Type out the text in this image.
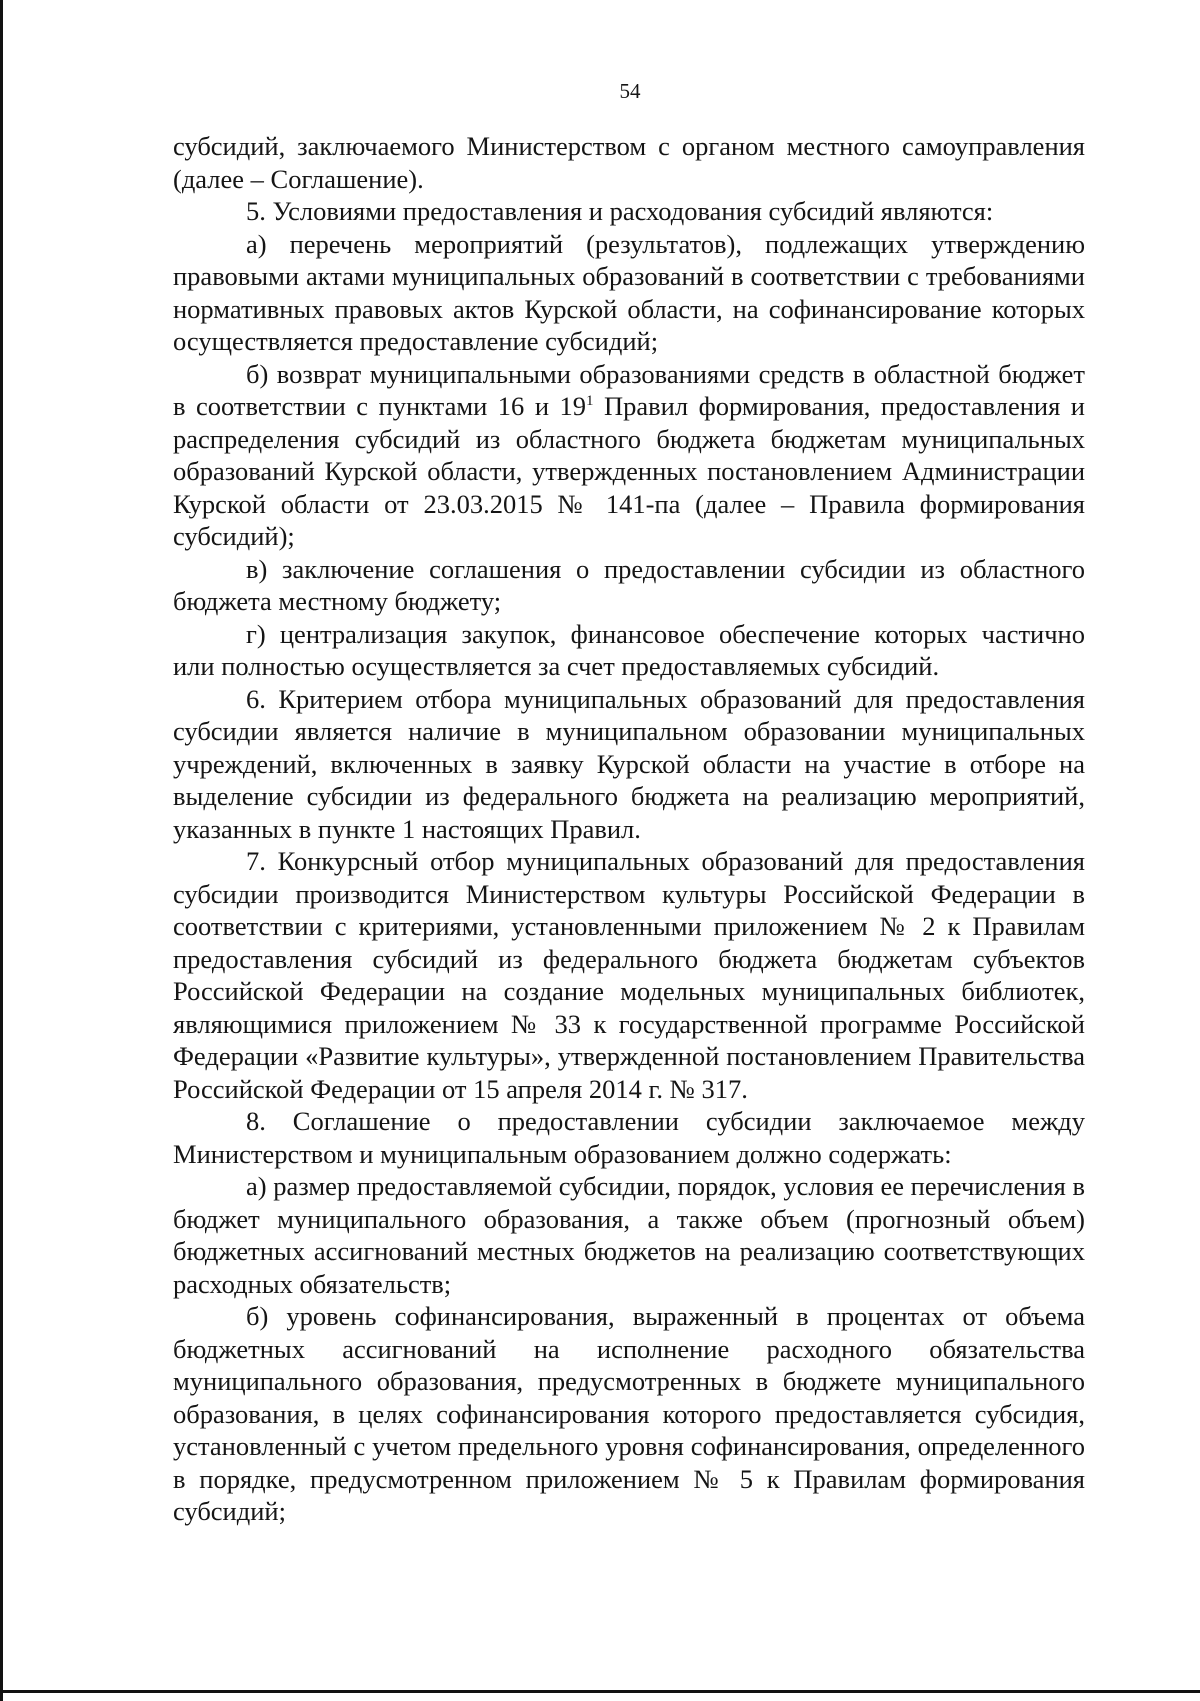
54

субсидий, заключаемого Министерством с органом местного самоуправления (далее – Соглашение).

5. Условиями предоставления и расходования субсидий являются:

а) перечень мероприятий (результатов), подлежащих утверждению правовыми актами муниципальных образований в соответствии с требованиями нормативных правовых актов Курской области, на софинансирование которых осуществляется предоставление субсидий;

б) возврат муниципальными образованиями средств в областной бюджет в соответствии с пунктами 16 и $19^1$ Правил формирования, предоставления и распределения субсидий из областного бюджета бюджетам муниципальных образований Курской области, утвержденных постановлением Администрации Курской области от 23.03.2015 № 141-па (далее – Правила формирования субсидий);

в) заключение соглашения о предоставлении субсидии из областного бюджета местному бюджету;

г) централизация закупок, финансовое обеспечение которых частично или полностью осуществляется за счет предоставляемых субсидий.

6. Критерием отбора муниципальных образований для предоставления субсидии является наличие в муниципальном образовании муниципальных учреждений, включенных в заявку Курской области на участие в отборе на выделение субсидии из федерального бюджета на реализацию мероприятий, указанных в пункте 1 настоящих Правил.

7. Конкурсный отбор муниципальных образований для предоставления субсидии производится Министерством культуры Российской Федерации в соответствии с критериями, установленными приложением № 2 к Правилам предоставления субсидий из федерального бюджета бюджетам субъектов Российской Федерации на создание модельных муниципальных библиотек, являющимися приложением № 33 к государственной программе Российской Федерации «Развитие культуры», утвержденной постановлением Правительства Российской Федерации от 15 апреля 2014 г. № 317.

8. Соглашение о предоставлении субсидии заключаемое между Министерством и муниципальным образованием должно содержать:

а) размер предоставляемой субсидии, порядок, условия ее перечисления в бюджет муниципального образования, а также объем (прогнозный объем) бюджетных ассигнований местных бюджетов на реализацию соответствующих расходных обязательств;

б) уровень софинансирования, выраженный в процентах от объема бюджетных ассигнований на исполнение расходного обязательства муниципального образования, предусмотренных в бюджете муниципального образования, в целях софинансирования которого предоставляется субсидия, установленный с учетом предельного уровня софинансирования, определенного в порядке, предусмотренном приложением № 5 к Правилам формирования субсидий;
